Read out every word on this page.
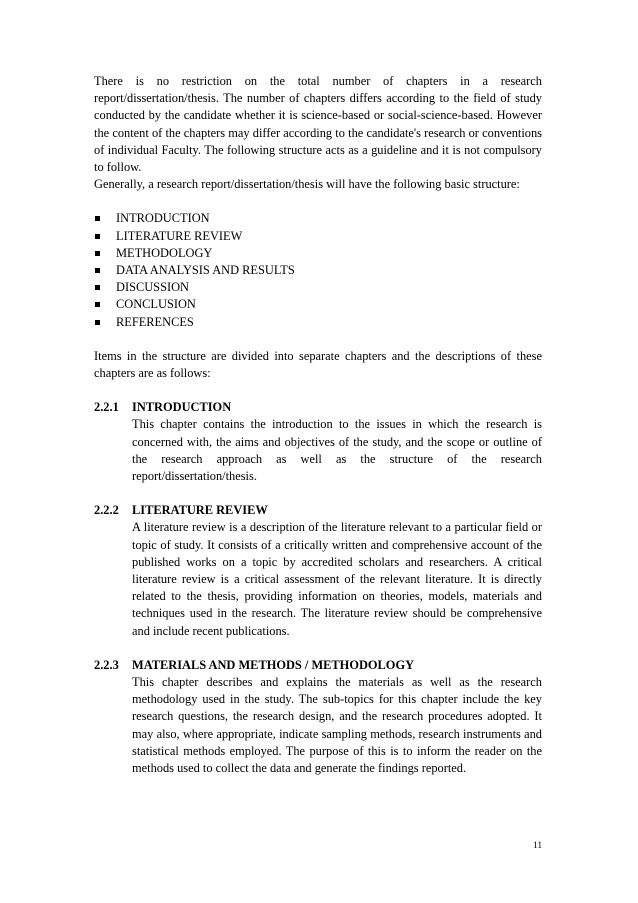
There is no restriction on the total number of chapters in a research report/dissertation/thesis. The number of chapters differs according to the field of study conducted by the candidate whether it is science-based or social-science-based. However the content of the chapters may differ according to the candidate's research or conventions of individual Faculty. The following structure acts as a guideline and it is not compulsory to follow.

Generally, a research report/dissertation/thesis will have the following basic structure:

INTRODUCTION
LITERATURE REVIEW
METHODOLOGY
DATA ANALYSIS AND RESULTS
DISCUSSION
CONCLUSION
REFERENCES

Items in the structure are divided into separate chapters and the descriptions of these chapters are as follows:

2.2.1	INTRODUCTION
This chapter contains the introduction to the issues in which the research is concerned with, the aims and objectives of the study, and the scope or outline of the research approach as well as the structure of the research report/dissertation/thesis.
2.2.2	LITERATURE REVIEW
A literature review is a description of the literature relevant to a particular field or topic of study. It consists of a critically written and comprehensive account of the published works on a topic by accredited scholars and researchers. A critical literature review is a critical assessment of the relevant literature. It is directly related to the thesis, providing information on theories, models, materials and techniques used in the research. The literature review should be comprehensive and include recent publications.
2.2.3	MATERIALS AND METHODS / METHODOLOGY
This chapter describes and explains the materials as well as the research methodology used in the study. The sub-topics for this chapter include the key research questions, the research design, and the research procedures adopted. It may also, where appropriate, indicate sampling methods, research instruments and statistical methods employed. The purpose of this is to inform the reader on the methods used to collect the data and generate the findings reported.
11
